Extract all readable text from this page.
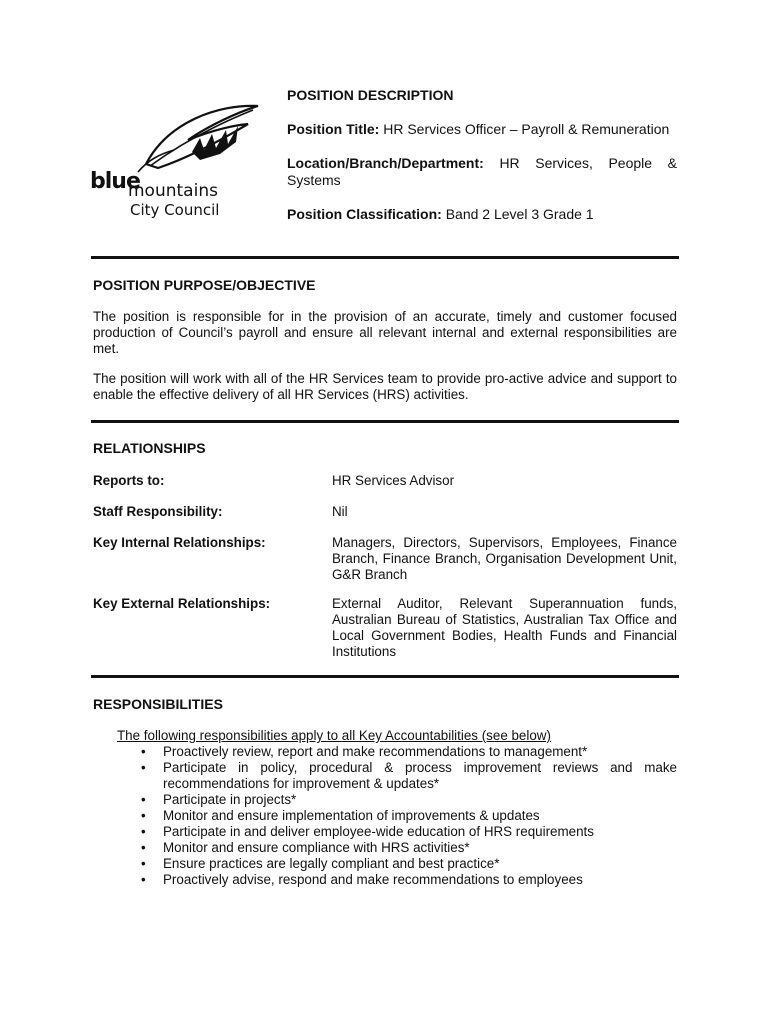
blue
mountains
City Council

POSITION DESCRIPTION

Position Title: HR Services Officer – Payroll & Remuneration

Location/Branch/Department: HR Services, People & Systems

Position Classification: Band 2 Level 3 Grade 1

POSITION PURPOSE/OBJECTIVE

The position is responsible for in the provision of an accurate, timely and customer focused production of Council’s payroll and ensure all relevant internal and external responsibilities are met.

The position will work with all of the HR Services team to provide pro-active advice and support to enable the effective delivery of all HR Services (HRS) activities.

RELATIONSHIPS

Reports to:	HR Services Advisor
Staff Responsibility:	Nil
Key Internal Relationships:	Managers, Directors, Supervisors, Employees, Finance Branch, Finance Branch, Organisation Development Unit, G&R Branch
Key External Relationships:	External Auditor, Relevant Superannuation funds, Australian Bureau of Statistics, Australian Tax Office and Local Government Bodies, Health Funds and Financial Institutions

RESPONSIBILITIES

The following responsibilities apply to all Key Accountabilities (see below)
• Proactively review, report and make recommendations to management*
• Participate in policy, procedural & process improvement reviews and make recommendations for improvement & updates*
• Participate in projects*
• Monitor and ensure implementation of improvements & updates
• Participate in and deliver employee-wide education of HRS requirements
• Monitor and ensure compliance with HRS activities*
• Ensure practices are legally compliant and best practice*
• Proactively advise, respond and make recommendations to employees
